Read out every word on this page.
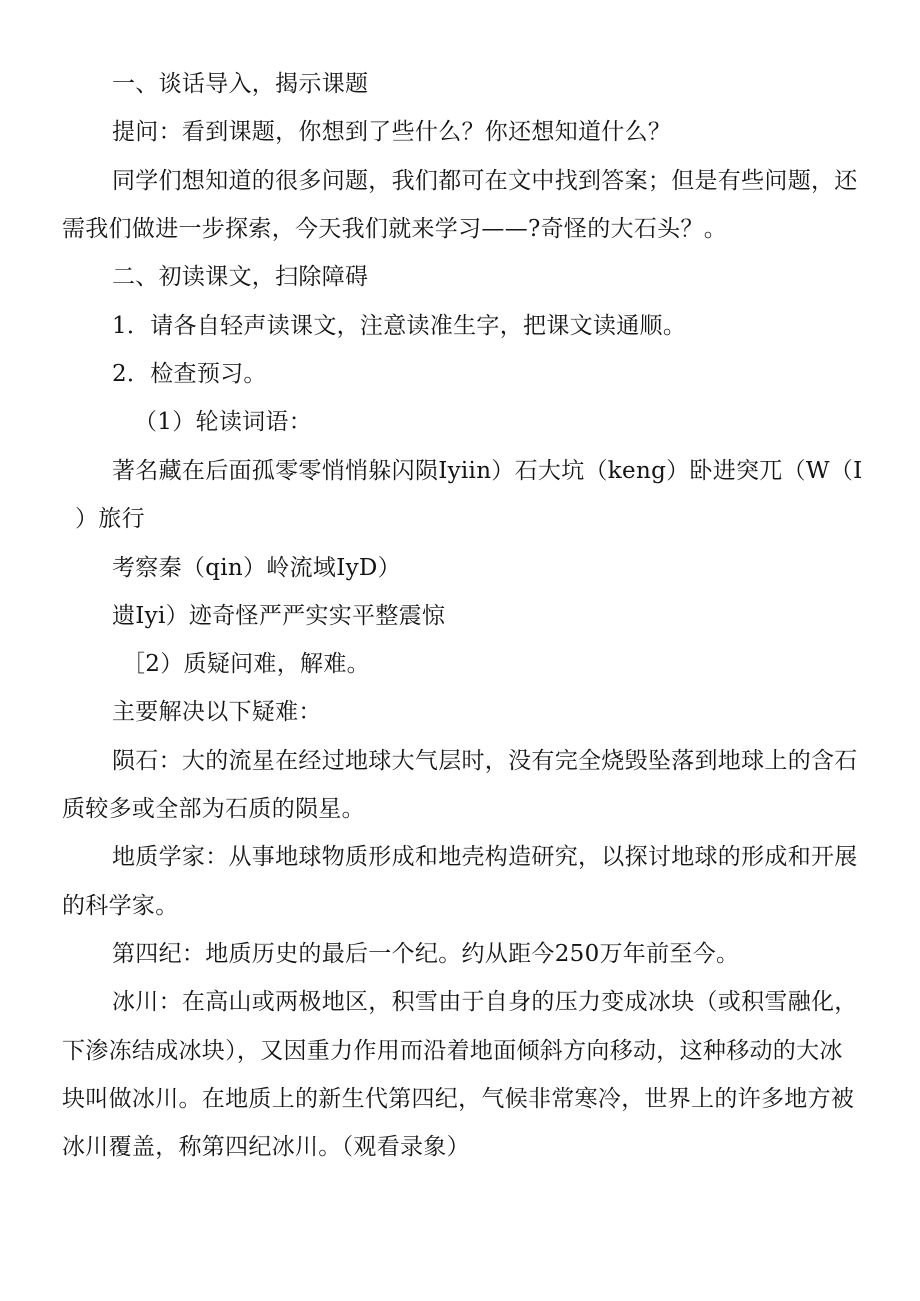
一、谈话导入，揭示课题

提问：看到课题，你想到了些什么？你还想知道什么？

同学们想知道的很多问题，我们都可在文中找到答案；但是有些问题，还

需我们做进一步探索，今天我们就来学习——?奇怪的大石头？。

二、初读课文，扫除障碍

1．请各自轻声读课文，注意读准生字，把课文读通顺。

2．检查预习。

（1）轮读词语：

著名藏在后面孤零零悄悄躲闪陨Iyiin）石大坑（keng）卧进突兀（W（I

）旅行

考察秦（qin）岭流域IyD）

遗Iyi）迹奇怪严严实实平整震惊

［2）质疑问难，解难。

主要解决以下疑难：

陨石：大的流星在经过地球大气层时，没有完全烧毁坠落到地球上的含石

质较多或全部为石质的陨星。

地质学家：从事地球物质形成和地壳构造研究，以探讨地球的形成和开展

的科学家。

第四纪：地质历史的最后一个纪。约从距今250万年前至今。

冰川：在高山或两极地区，积雪由于自身的压力变成冰块（或积雪融化，

下渗冻结成冰块），又因重力作用而沿着地面倾斜方向移动，这种移动的大冰

块叫做冰川。在地质上的新生代第四纪，气候非常寒冷，世界上的许多地方被

冰川覆盖，称第四纪冰川。（观看录象）
